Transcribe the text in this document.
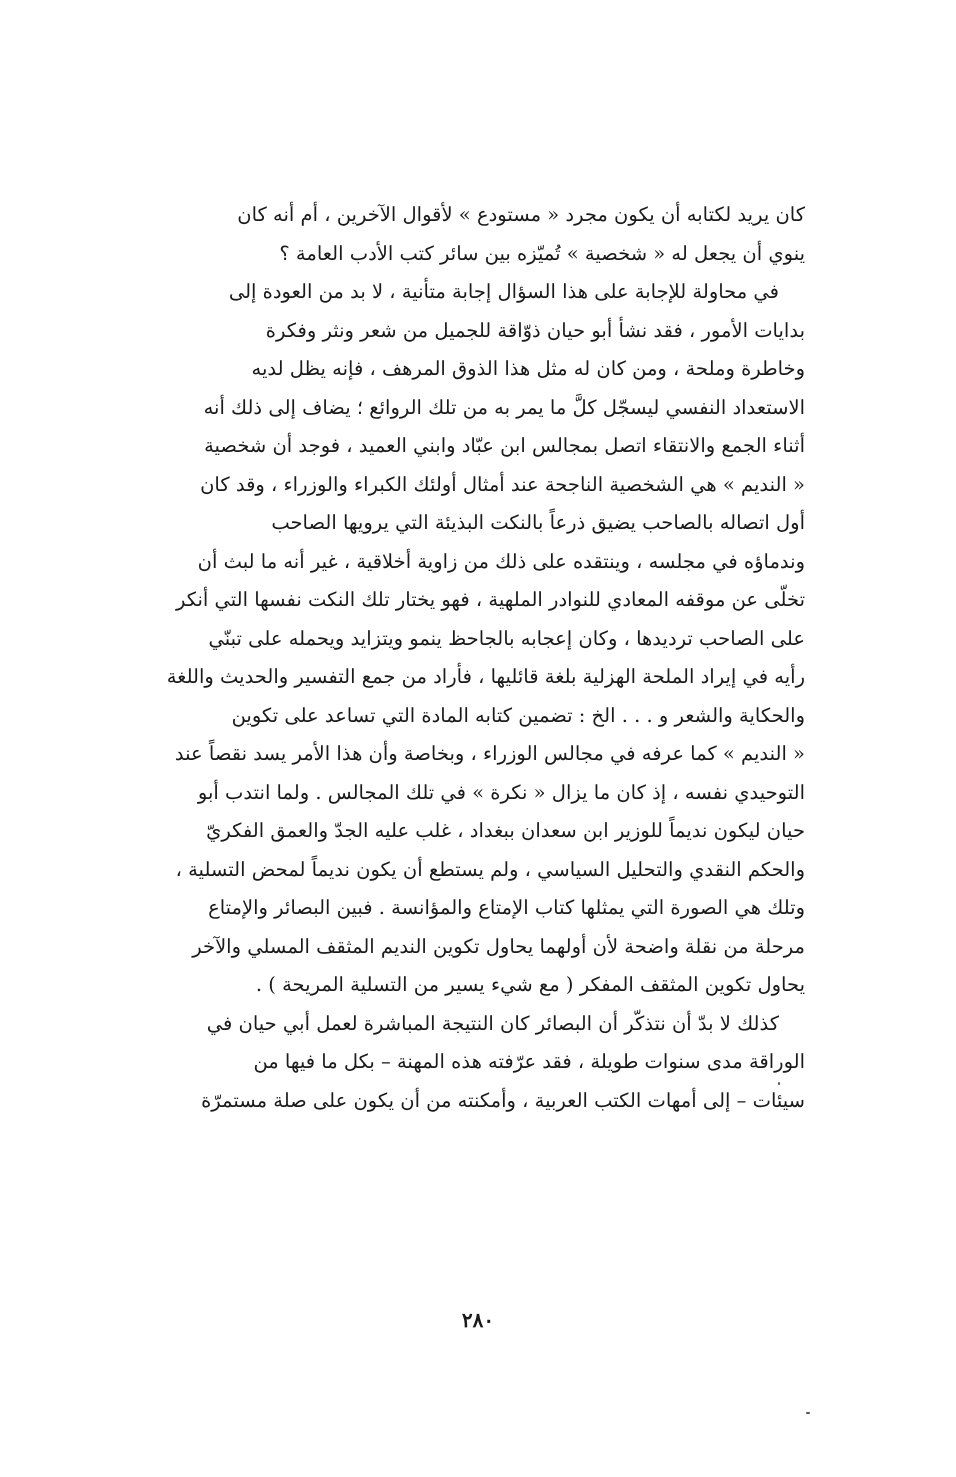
كان يريد لكتابه أن يكون مجرد « مستودع » لأقوال الآخرين ، أم أنه كان
ينوي أن يجعل له « شخصية » تُميّزه بين سائر كتب الأدب العامة ؟
في محاولة للإجابة على هذا السؤال إجابة متأنية ، لا بد من العودة إلى
بدايات الأمور ، فقد نشأ أبو حيان ذوّاقة للجميل من شعر ونثر وفكرة
وخاطرة وملحة ، ومن كان له مثل هذا الذوق المرهف ، فإنه يظل لديه
الاستعداد النفسي ليسجّل كلَّ ما يمر به من تلك الروائع ؛ يضاف إلى ذلك أنه
أثناء الجمع والانتقاء اتصل بمجالس ابن عبّاد وابني العميد ، فوجد أن شخصية
« النديم » هي الشخصية الناجحة عند أمثال أولئك الكبراء والوزراء ، وقد كان
أول اتصاله بالصاحب يضيق ذرعاً بالنكت البذيئة التي يرويها الصاحب
وندماؤه في مجلسه ، وينتقده على ذلك من زاوية أخلاقية ، غير أنه ما لبث أن
تخلّى عن موقفه المعادي للنوادر الملهية ، فهو يختار تلك النكت نفسها التي أنكر
على الصاحب ترديدها ، وكان إعجابه بالجاحظ ينمو ويتزايد ويحمله على تبنّي
رأيه في إيراد الملحة الهزلية بلغة قائليها ، فأراد من جمع التفسير والحديث واللغة
والحكاية والشعر و . . . الخ : تضمين كتابه المادة التي تساعد على تكوين
« النديم » كما عرفه في مجالس الوزراء ، وبخاصة وأن هذا الأمر يسد نقصاً عند
التوحيدي نفسه ، إذ كان ما يزال « نكرة » في تلك المجالس . ولما انتدب أبو
حيان ليكون نديماً للوزير ابن سعدان ببغداد ، غلب عليه الجدّ والعمق الفكريّ
والحكم النقدي والتحليل السياسي ، ولم يستطع أن يكون نديماً لمحض التسلية ،
وتلك هي الصورة التي يمثلها كتاب الإمتاع والمؤانسة . فبين البصائر والإمتاع
مرحلة من نقلة واضحة لأن أولهما يحاول تكوين النديم المثقف المسلي والآخر
يحاول تكوين المثقف المفكر ( مع شيء يسير من التسلية المريحة ) .
كذلك لا بدّ أن نتذكّر أن البصائر كان النتيجة المباشرة لعمل أبي حيان في
الوراقة مدى سنوات طويلة ، فقد عرّفته هذه المهنة – بكل ما فيها من
سيئات – إلى أمهات الكتب العربية ، وأمكنته من أن يكون على صلة مستمرّة
٢٨٠
